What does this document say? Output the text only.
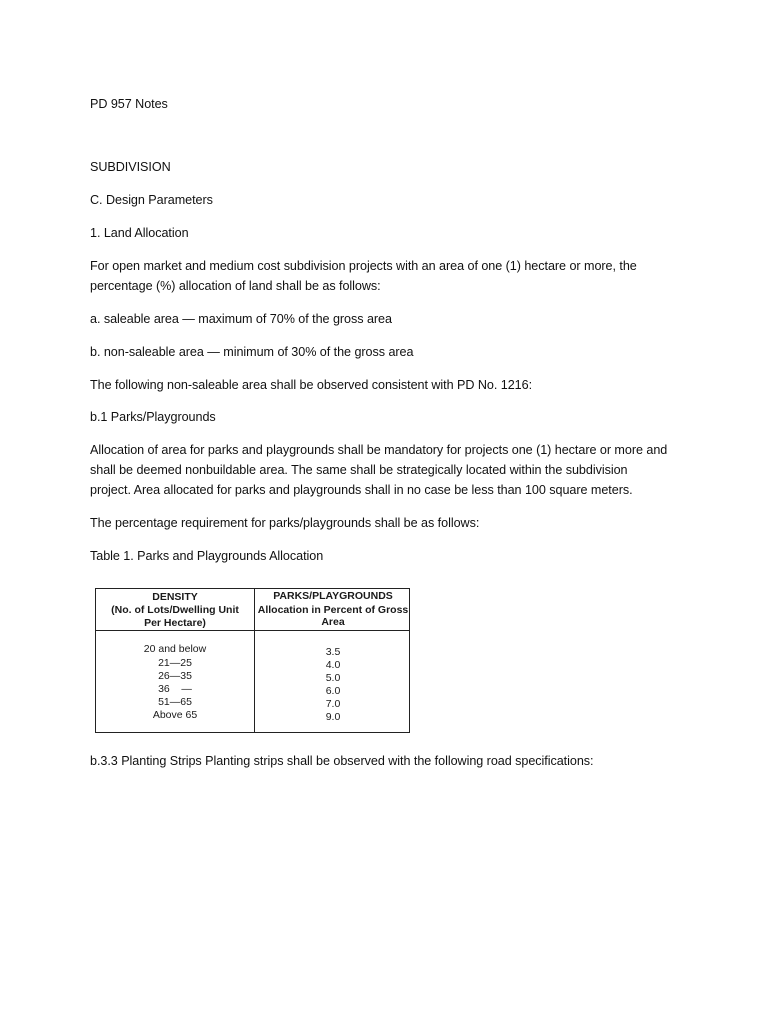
PD 957 Notes

SUBDIVISION

C. Design Parameters

1. Land Allocation

For open market and medium cost subdivision projects with an area of one (1) hectare or more, the percentage (%) allocation of land shall be as follows:

a. saleable area — maximum of 70% of the gross area

b. non-saleable area — minimum of 30% of the gross area

The following non-saleable area shall be observed consistent with PD No. 1216:

b.1 Parks/Playgrounds

Allocation of area for parks and playgrounds shall be mandatory for projects one (1) hectare or more and shall be deemed nonbuildable area. The same shall be strategically located within the subdivision project. Area allocated for parks and playgrounds shall in no case be less than 100 square meters.

The percentage requirement for parks/playgrounds shall be as follows:

Table 1. Parks and Playgrounds Allocation

DENSITY
(No. of Lots/Dwelling Unit
Per Hectare)
PARKS/PLAYGROUNDS
Allocation in Percent of Gross
Area
20 and below
21—25
26—35
36    —
51—65
Above 65
3.5
4.0
5.0
6.0
7.0
9.0

b.3.3 Planting Strips Planting strips shall be observed with the following road specifications:
